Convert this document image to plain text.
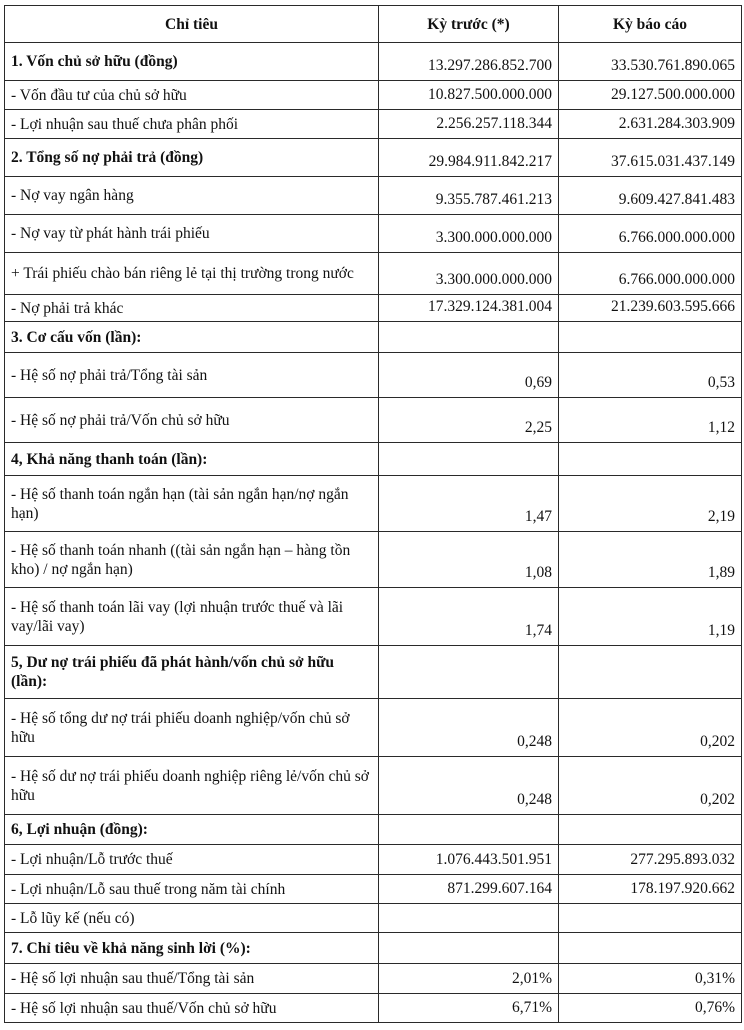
Chỉ tiêu	Kỳ trước (*)	Kỳ báo cáo
1. Vốn chủ sở hữu (đồng)	13.297.286.852.700	33.530.761.890.065
- Vốn đầu tư của chủ sở hữu	10.827.500.000.000	29.127.500.000.000
- Lợi nhuận sau thuế chưa phân phối	2.256.257.118.344	2.631.284.303.909
2. Tổng số nợ phải trả (đồng)	29.984.911.842.217	37.615.031.437.149
- Nợ vay ngân hàng	9.355.787.461.213	9.609.427.841.483
- Nợ vay từ phát hành trái phiếu	3.300.000.000.000	6.766.000.000.000
+ Trái phiếu chào bán riêng lẻ tại thị trường trong nước	3.300.000.000.000	6.766.000.000.000
- Nợ phải trả khác	17.329.124.381.004	21.239.603.595.666
3. Cơ cấu vốn (lần):		
- Hệ số nợ phải trả/Tổng tài sản	0,69	0,53
- Hệ số nợ phải trả/Vốn chủ sở hữu	2,25	1,12
4, Khả năng thanh toán (lần):		
- Hệ số thanh toán ngắn hạn (tài sản ngắn hạn/nợ ngắn hạn)	1,47	2,19
- Hệ số thanh toán nhanh ((tài sản ngắn hạn – hàng tồn kho) / nợ ngắn hạn)	1,08	1,89
- Hệ số thanh toán lãi vay (lợi nhuận trước thuế và lãi vay/lãi vay)	1,74	1,19
5, Dư nợ trái phiếu đã phát hành/vốn chủ sở hữu (lần):		
- Hệ số tổng dư nợ trái phiếu doanh nghiệp/vốn chủ sở hữu	0,248	0,202
- Hệ số dư nợ trái phiếu doanh nghiệp riêng lẻ/vốn chủ sở hữu	0,248	0,202
6, Lợi nhuận (đồng):		
- Lợi nhuận/Lỗ trước thuế	1.076.443.501.951	277.295.893.032
- Lợi nhuận/Lỗ sau thuế trong năm tài chính	871.299.607.164	178.197.920.662
- Lỗ lũy kế (nếu có)		
7. Chỉ tiêu về khả năng sinh lời (%):		
- Hệ số lợi nhuận sau thuế/Tổng tài sản	2,01%	0,31%
- Hệ số lợi nhuận sau thuế/Vốn chủ sở hữu	6,71%	0,76%
